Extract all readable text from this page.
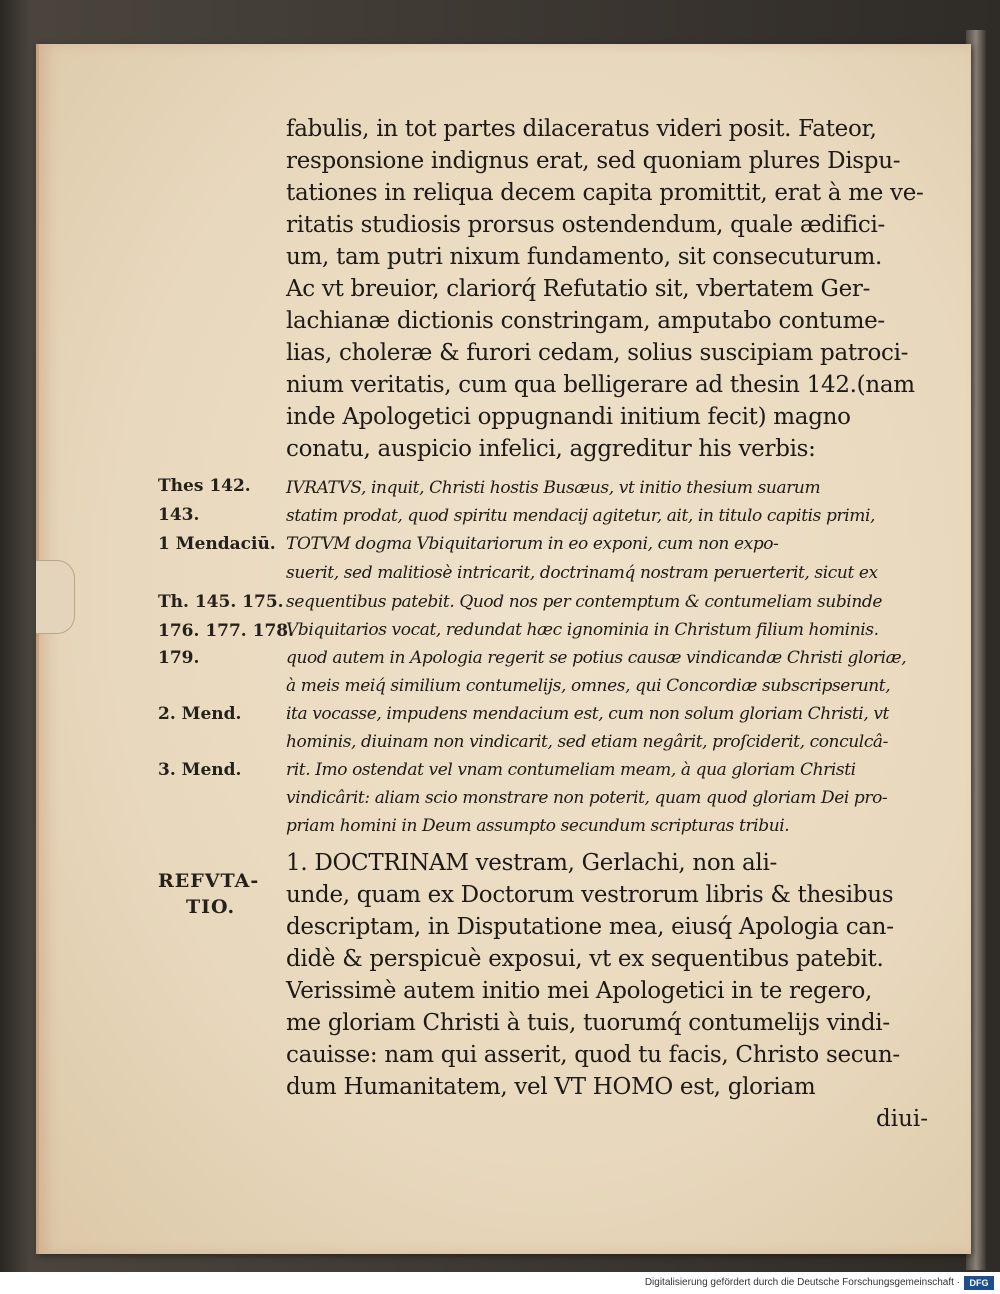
fabulis, in tot partes dilaceratus videri posit. Fateor,
responsione indignus erat, sed quoniam plures Dispu-
tationes in reliqua decem capita promittit, erat à me ve-
ritatis studiosis prorsus ostendendum, quale ædifici-
um, tam putri nixum fundamento, sit consecuturum.
Ac vt breuior, clariorq́ Refutatio sit, vbertatem Ger-
lachianæ dictionis constringam, amputabo contume-
lias, choleræ & furori cedam, solius suscipiam patroci-
nium veritatis, cum qua belligerare ad thesin 142.(nam
inde Apologetici oppugnandi initium fecit) magno
conatu, auspicio infelici, aggreditur his verbis:
Thes 142.
143.
1 Mendaciū.
Th. 145. 175.
176. 177. 178.
179.
2. Mend.
3. Mend.
IVRATVS, inquit, Christi hostis Busæus, vt initio thesium suarum
statim prodat, quod spiritu mendacij agitetur, ait, in titulo capitis primi,
TOTVM dogma Vbiquitariorum in eo exponi, cum non expo-
suerit, sed malitiosè intricarit, doctrinamq́ nostram peruerterit, sicut ex
sequentibus patebit. Quod nos per contemptum & contumeliam subinde
Vbiquitarios vocat, redundat hæc ignominia in Christum filium hominis.
quod autem in Apologia regerit se potius causæ vindicandæ Christi gloriæ,
à meis meiq́ similium contumelijs, omnes, qui Concordiæ subscripserunt,
ita vocasse, impudens mendacium est, cum non solum gloriam Christi, vt
hominis, diuinam non vindicarit, sed etiam negârit, proſciderit, conculcâ-
rit. Imo ostendat vel vnam contumeliam meam, à qua gloriam Christi
vindicârit: aliam scio monstrare non poterit, quam quod gloriam Dei pro-
priam homini in Deum assumpto secundum scripturas tribui.
REFVTA-
TIO.
1. DOCTRINAM vestram, Gerlachi, non ali-
unde, quam ex Doctorum vestrorum libris & thesibus
descriptam, in Disputatione mea, eiusq́ Apologia can-
didè & perspicuè exposui, vt ex sequentibus patebit.
Verissimè autem initio mei Apologetici in te regero,
me gloriam Christi à tuis, tuorumq́ contumelijs vindi-
cauisse: nam qui asserit, quod tu facis, Christo secun-
dum Humanitatem, vel VT HOMO est, gloriam
diui-
Digitalisierung gefördert durch die Deutsche Forschungsgemeinschaft ·	DFG
